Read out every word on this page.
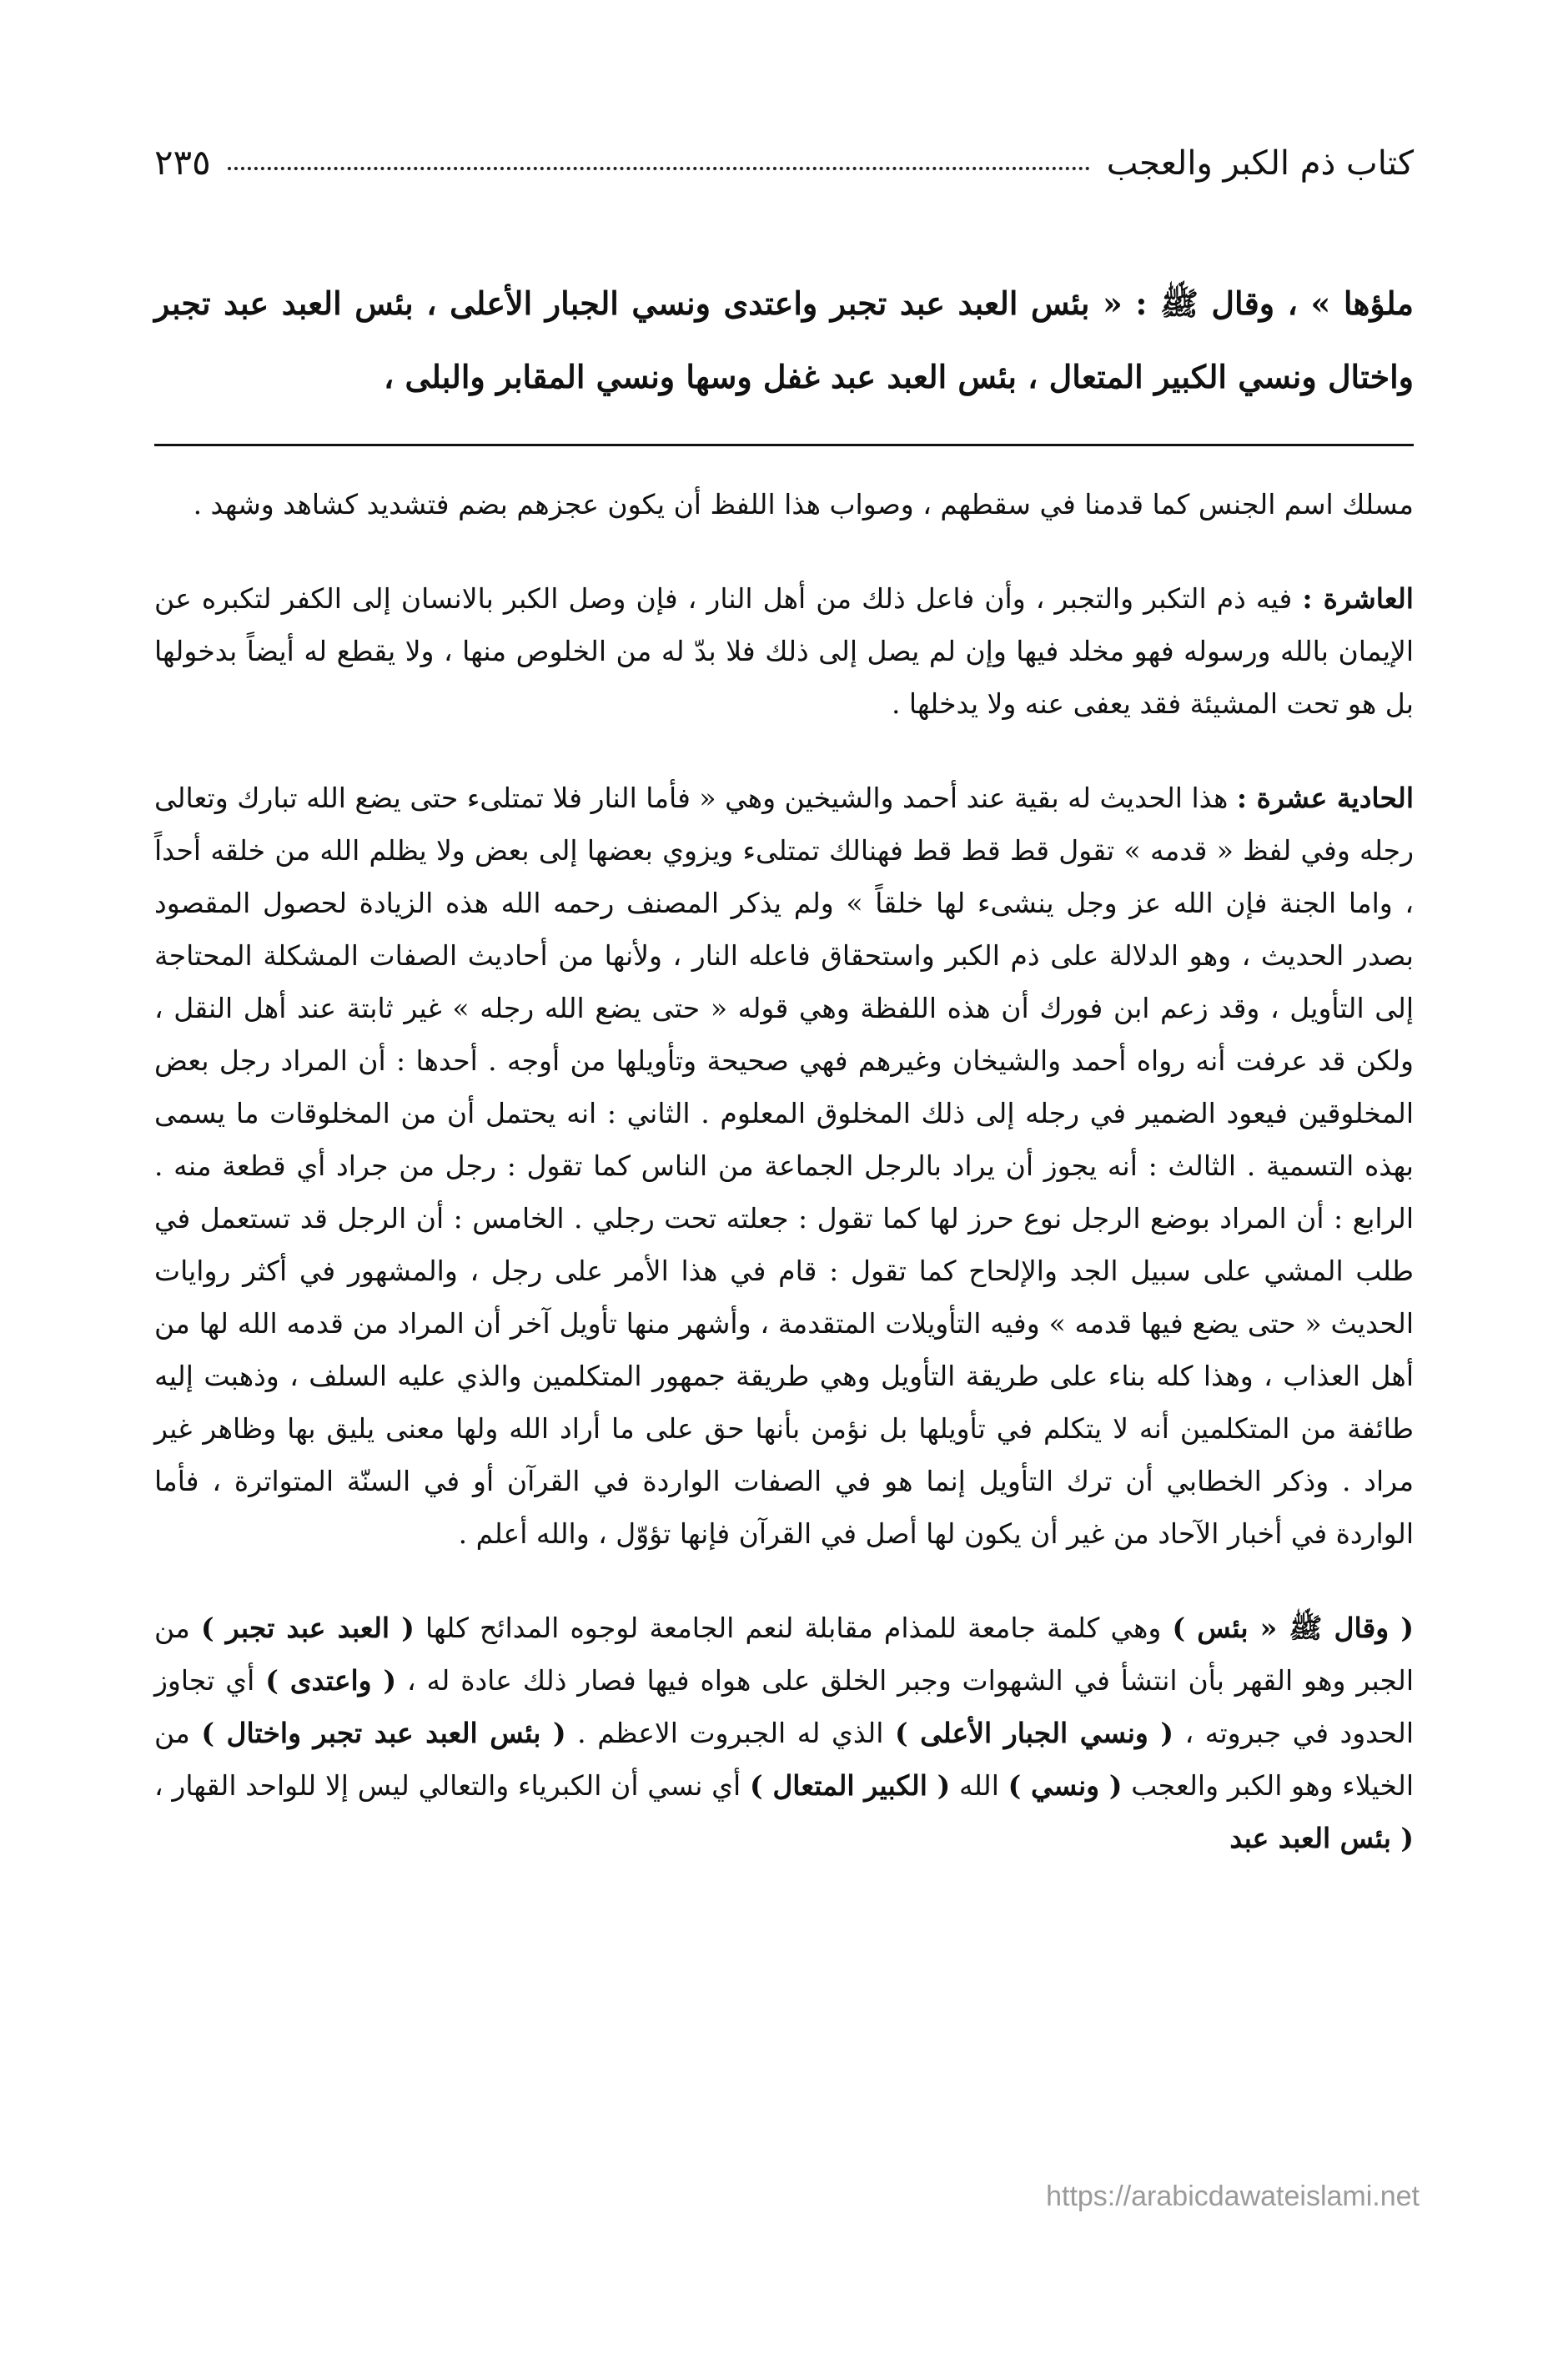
كتاب ذم الكبر والعجب
٢٣٥

ملؤها » ، وقال ﷺ : « بئس العبد عبد تجبر واعتدى ونسي الجبار الأعلى ، بئس العبد عبد تجبر واختال ونسي الكبير المتعال ، بئس العبد عبد غفل وسها ونسي المقابر والبلى ،

مسلك اسم الجنس كما قدمنا في سقطهم ، وصواب هذا اللفظ أن يكون عجزهم بضم فتشديد كشاهد وشهد .

العاشرة : فيه ذم التكبر والتجبر ، وأن فاعل ذلك من أهل النار ، فإن وصل الكبر بالانسان إلى الكفر لتكبره عن الإيمان بالله ورسوله فهو مخلد فيها وإن لم يصل إلى ذلك فلا بدّ له من الخلوص منها ، ولا يقطع له أيضاً بدخولها بل هو تحت المشيئة فقد يعفى عنه ولا يدخلها .

الحادية عشرة : هذا الحديث له بقية عند أحمد والشيخين وهي « فأما النار فلا تمتلىء حتى يضع الله تبارك وتعالى رجله وفي لفظ « قدمه » تقول قط قط قط فهنالك تمتلىء ويزوي بعضها إلى بعض ولا يظلم الله من خلقه أحداً ، واما الجنة فإن الله عز وجل ينشىء لها خلقاً » ولم يذكر المصنف رحمه الله هذه الزيادة لحصول المقصود بصدر الحديث ، وهو الدلالة على ذم الكبر واستحقاق فاعله النار ، ولأنها من أحاديث الصفات المشكلة المحتاجة إلى التأويل ، وقد زعم ابن فورك أن هذه اللفظة وهي قوله « حتى يضع الله رجله » غير ثابتة عند أهل النقل ، ولكن قد عرفت أنه رواه أحمد والشيخان وغيرهم فهي صحيحة وتأويلها من أوجه . أحدها : أن المراد رجل بعض المخلوقين فيعود الضمير في رجله إلى ذلك المخلوق المعلوم . الثاني : انه يحتمل أن من المخلوقات ما يسمى بهذه التسمية . الثالث : أنه يجوز أن يراد بالرجل الجماعة من الناس كما تقول : رجل من جراد أي قطعة منه . الرابع : أن المراد بوضع الرجل نوع حرز لها كما تقول : جعلته تحت رجلي . الخامس : أن الرجل قد تستعمل في طلب المشي على سبيل الجد والإلحاح كما تقول : قام في هذا الأمر على رجل ، والمشهور في أكثر روايات الحديث « حتى يضع فيها قدمه » وفيه التأويلات المتقدمة ، وأشهر منها تأويل آخر أن المراد من قدمه الله لها من أهل العذاب ، وهذا كله بناء على طريقة التأويل وهي طريقة جمهور المتكلمين والذي عليه السلف ، وذهبت إليه طائفة من المتكلمين أنه لا يتكلم في تأويلها بل نؤمن بأنها حق على ما أراد الله ولها معنى يليق بها وظاهر غير مراد . وذكر الخطابي أن ترك التأويل إنما هو في الصفات الواردة في القرآن أو في السنّة المتواترة ، فأما الواردة في أخبار الآحاد من غير أن يكون لها أصل في القرآن فإنها تؤوّل ، والله أعلم .

( وقال ﷺ « بئس ) وهي كلمة جامعة للمذام مقابلة لنعم الجامعة لوجوه المدائح كلها ( العبد عبد تجبر ) من الجبر وهو القهر بأن انتشأ في الشهوات وجبر الخلق على هواه فيها فصار ذلك عادة له ، ( واعتدى ) أي تجاوز الحدود في جبروته ، ( ونسي الجبار الأعلى ) الذي له الجبروت الاعظم . ( بئس العبد عبد تجبر واختال ) من الخيلاء وهو الكبر والعجب ( ونسي ) الله ( الكبير المتعال ) أي نسي أن الكبرياء والتعالي ليس إلا للواحد القهار ، ( بئس العبد عبد

https://arabicdawateislami.net
